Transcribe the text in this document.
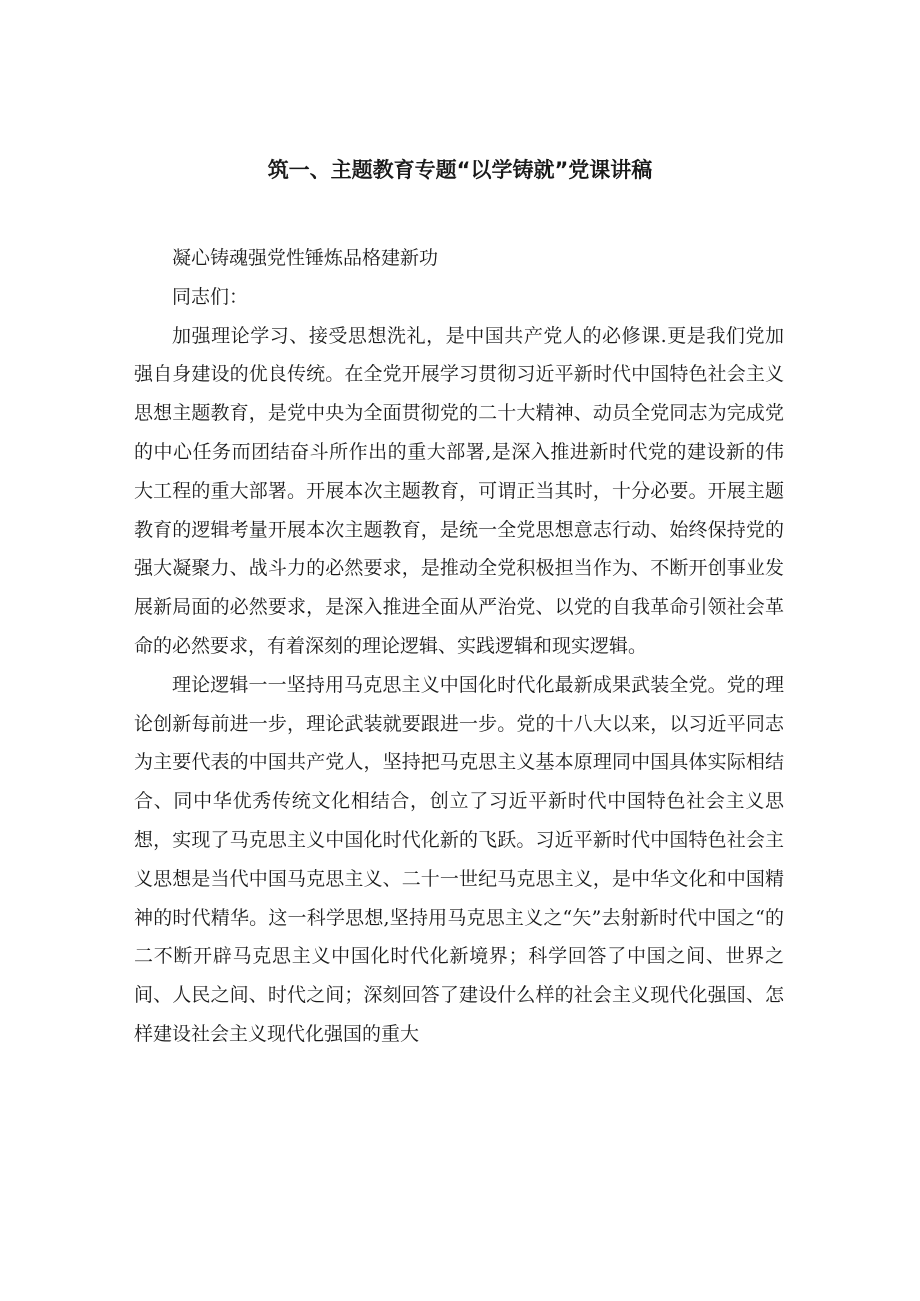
筑一、主题教育专题“以学铸就”党课讲稿

凝心铸魂强党性锤炼品格建新功

同志们：

加强理论学习、接受思想洗礼，是中国共产党人的必修课.更是我们党加强自身建设的优良传统。在全党开展学习贯彻习近平新时代中国特色社会主义思想主题教育，是党中央为全面贯彻党的二十大精神、动员全党同志为完成党的中心任务而团结奋斗所作出的重大部署,是深入推进新时代党的建设新的伟大工程的重大部署。开展本次主题教育，可谓正当其时，十分必要。开展主题教育的逻辑考量开展本次主题教育，是统一全党思想意志行动、始终保持党的强大凝聚力、战斗力的必然要求，是推动全党积极担当作为、不断开创事业发展新局面的必然要求，是深入推进全面从严治党、以党的自我革命引领社会革命的必然要求，有着深刻的理论逻辑、实践逻辑和现实逻辑。

理论逻辑一一坚持用马克思主义中国化时代化最新成果武装全党。党的理论创新每前进一步，理论武装就要跟进一步。党的十八大以来，以习近平同志为主要代表的中国共产党人，坚持把马克思主义基本原理同中国具体实际相结合、同中华优秀传统文化相结合，创立了习近平新时代中国特色社会主义思想，实现了马克思主义中国化时代化新的飞跃。习近平新时代中国特色社会主义思想是当代中国马克思主义、二十一世纪马克思主义，是中华文化和中国精神的时代精华。这一科学思想,坚持用马克思主义之“矢”去射新时代中国之“的二不断开辟马克思主义中国化时代化新境界；科学回答了中国之间、世界之间、人民之间、时代之间；深刻回答了建设什么样的社会主义现代化强国、怎样建设社会主义现代化强国的重大
